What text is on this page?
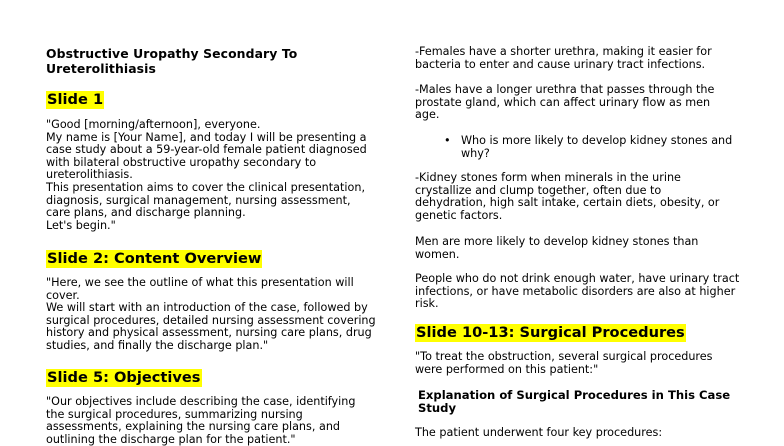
Obstructive Uropathy Secondary To Ureterolithiasis
Slide 1

"Good [morning/afternoon], everyone.
My name is [Your Name], and today I will be presenting a case study about a 59-year-old female patient diagnosed with bilateral obstructive uropathy secondary to ureterolithiasis.
This presentation aims to cover the clinical presentation, diagnosis, surgical management, nursing assessment, care plans, and discharge planning.
Let's begin."

Slide 2: Content Overview

"Here, we see the outline of what this presentation will cover.
We will start with an introduction of the case, followed by surgical procedures, detailed nursing assessment covering history and physical assessment, nursing care plans, drug studies, and finally the discharge plan."

Slide 5: Objectives

"Our objectives include describing the case, identifying the surgical procedures, summarizing nursing assessments, explaining the nursing care plans, and outlining the discharge plan for the patient."

-Females have a shorter urethra, making it easier for bacteria to enter and cause urinary tract infections.

-Males have a longer urethra that passes through the prostate gland, which can affect urinary flow as men age.

• Who is more likely to develop kidney stones and why?

-Kidney stones form when minerals in the urine crystallize and clump together, often due to dehydration, high salt intake, certain diets, obesity, or genetic factors.

Men are more likely to develop kidney stones than women.

People who do not drink enough water, have urinary tract infections, or have metabolic disorders are also at higher risk.

Slide 10-13: Surgical Procedures

"To treat the obstruction, several surgical procedures were performed on this patient:"

Explanation of Surgical Procedures in This Case Study

The patient underwent four key procedures:
